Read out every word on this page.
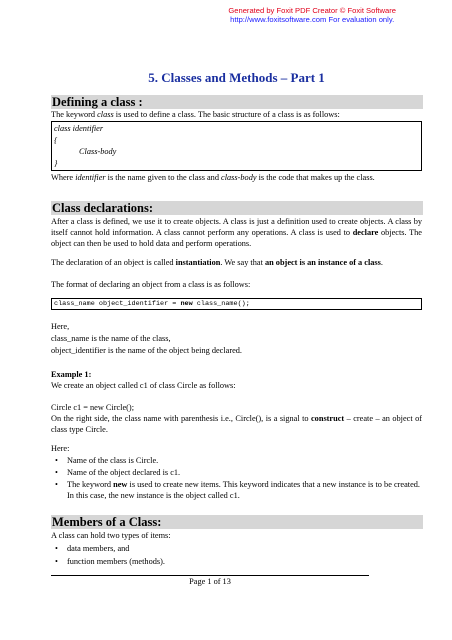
Generated by Foxit PDF Creator © Foxit Software
http://www.foxitsoftware.com For evaluation only.
5. Classes and Methods – Part 1
Defining a class :
The keyword class is used to define a class. The basic structure of a class is as follows:
class identifier
{
Class-body
}
Where identifier is the name given to the class and class-body is the code that makes up the class.
Class declarations:
After a class is defined, we use it to create objects. A class is just a definition used to create objects. A class by itself cannot hold information. A class cannot perform any operations. A class is used to declare objects. The object can then be used to hold data and perform operations.
The declaration of an object is called instantiation. We say that an object is an instance of a class.
The format of declaring an object from a class is as follows:
class_name object_identifier = new class_name();
Here,
class_name is the name of the class,
object_identifier is the name of the object being declared.
Example 1:
We create an object called c1 of class Circle as follows:
Circle c1 = new Circle();
On the right side, the class name with parenthesis i.e., Circle(), is a signal to construct – create – an object of class type Circle.
Here:
•	Name of the class is Circle.
•	Name of the object declared is c1.
•	The keyword new is used to create new items. This keyword indicates that a new instance is to be created. In this case, the new instance is the object called c1.
Members of a Class:
A class can hold two types of items:
•	data members, and
•	function members (methods).
Page 1 of 13
